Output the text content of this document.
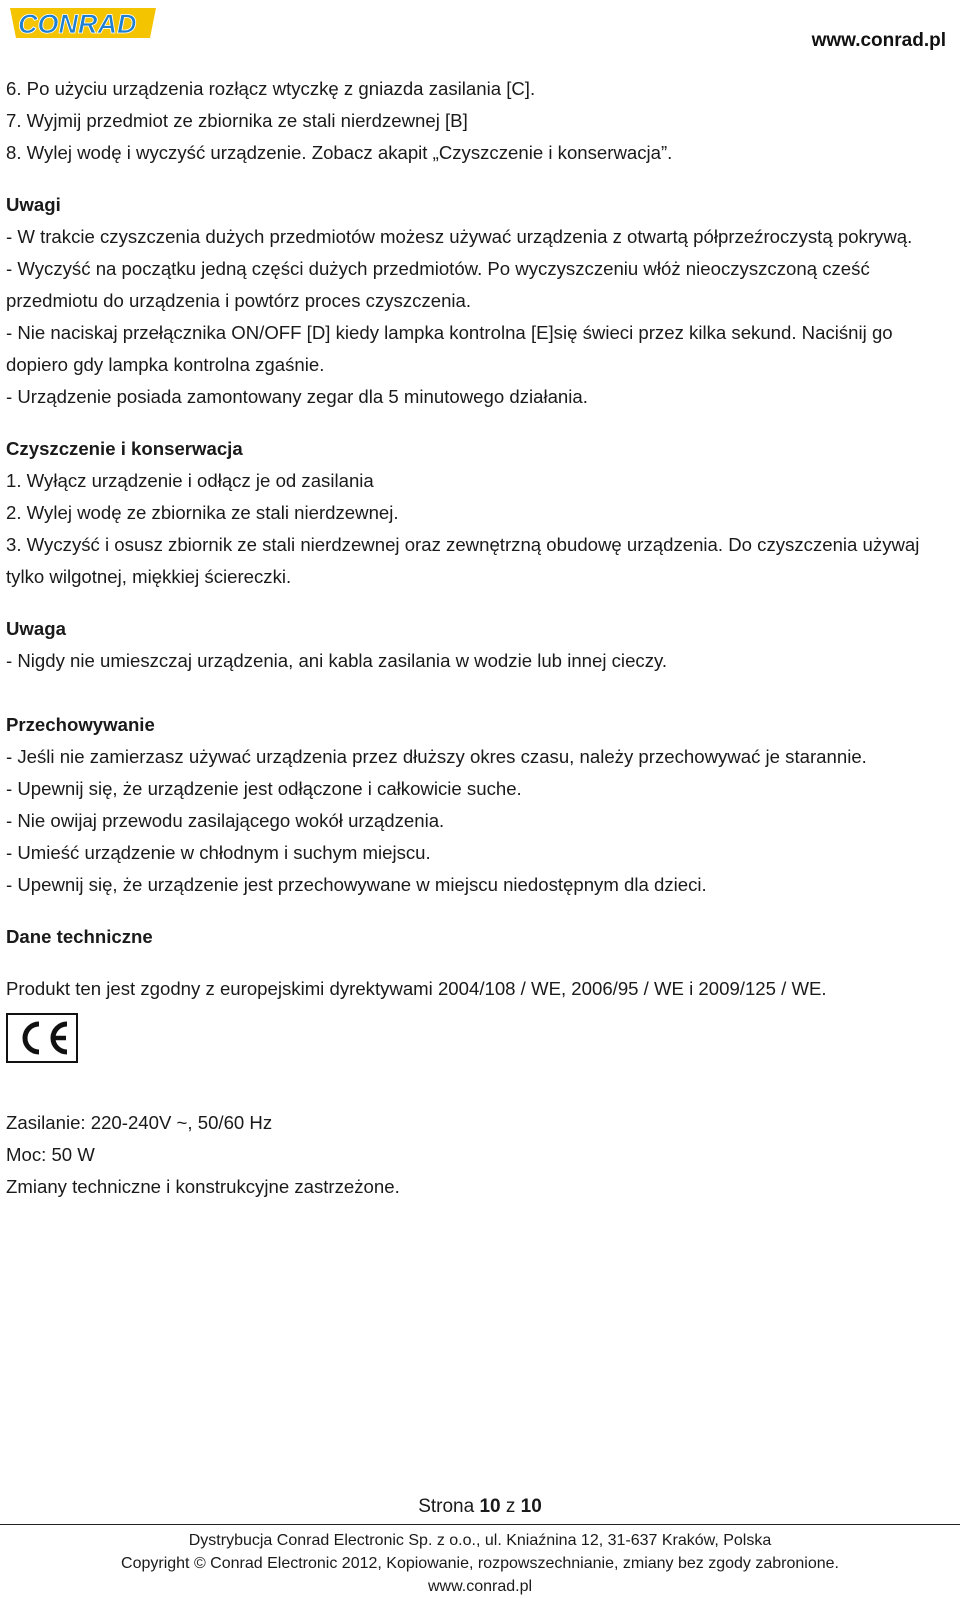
CONRAD
www.conrad.pl

6. Po użyciu urządzenia rozłącz wtyczkę z gniazda zasilania [C].

7. Wyjmij przedmiot ze zbiornika ze stali nierdzewnej [B]

8. Wylej wodę i wyczyść urządzenie. Zobacz akapit „Czyszczenie i konserwacja”.

Uwagi

- W trakcie czyszczenia dużych przedmiotów możesz używać urządzenia z otwartą półprzeźroczystą pokrywą.

- Wyczyść na początku jedną części dużych przedmiotów. Po wyczyszczeniu włóż nieoczyszczoną cześć przedmiotu do urządzenia i powtórz proces czyszczenia.

- Nie naciskaj przełącznika ON/OFF [D] kiedy lampka kontrolna [E]się świeci przez kilka sekund. Naciśnij go dopiero gdy lampka kontrolna zgaśnie.

- Urządzenie posiada zamontowany zegar dla 5 minutowego działania.

Czyszczenie i konserwacja

1. Wyłącz urządzenie i odłącz je od zasilania

2. Wylej wodę ze zbiornika ze stali nierdzewnej.

3. Wyczyść i osusz zbiornik ze stali nierdzewnej oraz zewnętrzną obudowę urządzenia. Do czyszczenia używaj tylko wilgotnej, miękkiej ściereczki.

Uwaga

- Nigdy nie umieszczaj urządzenia, ani kabla zasilania w wodzie lub innej cieczy.

Przechowywanie

- Jeśli nie zamierzasz używać urządzenia przez dłuższy okres czasu, należy przechowywać je starannie.

- Upewnij się, że urządzenie jest odłączone i całkowicie suche.

- Nie owijaj przewodu zasilającego wokół urządzenia.

- Umieść urządzenie w chłodnym i suchym miejscu.

- Upewnij się, że urządzenie jest przechowywane w miejscu niedostępnym dla dzieci.

Dane techniczne

Produkt ten jest zgodny z europejskimi dyrektywami 2004/108 / WE, 2006/95 / WE i 2009/125 / WE.

Zasilanie: 220-240V ~, 50/60 Hz

Moc: 50 W

Zmiany techniczne i konstrukcyjne zastrzeżone.

Strona 10 z 10
Dystrybucja Conrad Electronic Sp. z o.o., ul. Kniaźnina 12, 31-637 Kraków, Polska
Copyright © Conrad Electronic 2012, Kopiowanie, rozpowszechnianie, zmiany bez zgody zabronione.
www.conrad.pl
